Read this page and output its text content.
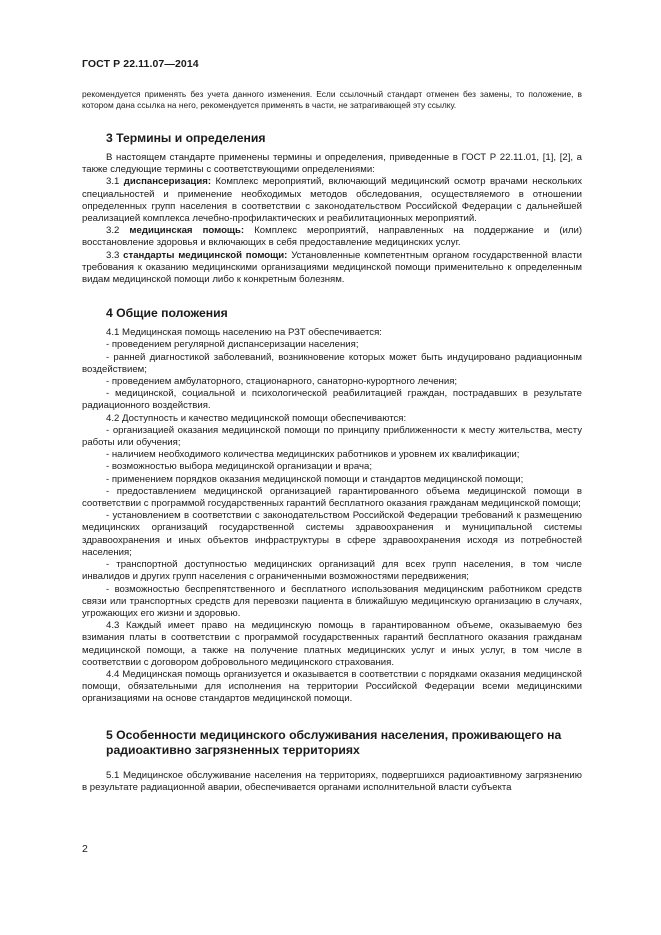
ГОСТ Р 22.11.07—2014

рекомендуется применять без учета данного изменения. Если ссылочный стандарт отменен без замены, то положение, в котором дана ссылка на него, рекомендуется применять в части, не затрагивающей эту ссылку.

3 Термины и определения

В настоящем стандарте применены термины и определения, приведенные в ГОСТ Р 22.11.01, [1], [2], а также следующие термины с соответствующими определениями:

3.1 диспансеризация: Комплекс мероприятий, включающий медицинский осмотр врачами нескольких специальностей и применение необходимых методов обследования, осуществляемого в отношении определенных групп населения в соответствии с законодательством Российской Федерации с дальнейшей реализацией комплекса лечебно-профилактических и реабилитационных мероприятий.

3.2 медицинская помощь: Комплекс мероприятий, направленных на поддержание и (или) восстановление здоровья и включающих в себя предоставление медицинских услуг.

3.3 стандарты медицинской помощи: Установленные компетентным органом государственной власти требования к оказанию медицинскими организациями медицинской помощи применительно к определенным видам медицинской помощи либо к конкретным болезням.

4 Общие положения

4.1 Медицинская помощь населению на РЗТ обеспечивается:

- проведением регулярной диспансеризации населения;

- ранней диагностикой заболеваний, возникновение которых может быть индуцировано радиационным воздействием;

- проведением амбулаторного, стационарного, санаторно-курортного лечения;

- медицинской, социальной и психологической реабилитацией граждан, пострадавших в результате радиационного воздействия.

4.2 Доступность и качество медицинской помощи обеспечиваются:

- организацией оказания медицинской помощи по принципу приближенности к месту жительства, месту работы или обучения;

- наличием необходимого количества медицинских работников и уровнем их квалификации;

- возможностью выбора медицинской организации и врача;

- применением порядков оказания медицинской помощи и стандартов медицинской помощи;

- предоставлением медицинской организацией гарантированного объема медицинской помощи в соответствии с программой государственных гарантий бесплатного оказания гражданам медицинской помощи;

- установлением в соответствии с законодательством Российской Федерации требований к размещению медицинских организаций государственной системы здравоохранения и муниципальной системы здравоохранения и иных объектов инфраструктуры в сфере здравоохранения исходя из потребностей населения;

- транспортной доступностью медицинских организаций для всех групп населения, в том числе инвалидов и других групп населения с ограниченными возможностями передвижения;

- возможностью беспрепятственного и бесплатного использования медицинским работником средств связи или транспортных средств для перевозки пациента в ближайшую медицинскую организацию в случаях, угрожающих его жизни и здоровью.

4.3 Каждый имеет право на медицинскую помощь в гарантированном объеме, оказываемую без взимания платы в соответствии с программой государственных гарантий бесплатного оказания гражданам медицинской помощи, а также на получение платных медицинских услуг и иных услуг, в том числе в соответствии с договором добровольного медицинского страхования.

4.4 Медицинская помощь организуется и оказывается в соответствии с порядками оказания медицинской помощи, обязательными для исполнения на территории Российской Федерации всеми медицинскими организациями на основе стандартов медицинской помощи.

5 Особенности медицинского обслуживания населения, проживающего на радиоактивно загрязненных территориях

5.1 Медицинское обслуживание населения на территориях, подвергшихся радиоактивному загрязнению в результате радиационной аварии, обеспечивается органами исполнительной власти субъекта

2
